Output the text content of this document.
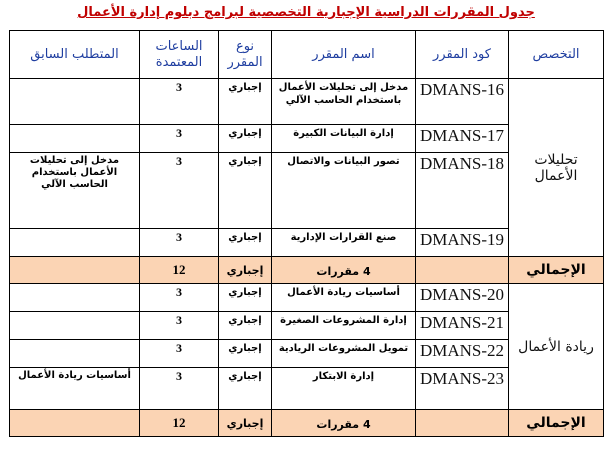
جدول المقررات الدراسية الإجبارية التخصصية لبرامج دبلوم إدارة الأعمال
التخصص	كود المقرر	اسم المقرر	نوع المقرر	الساعات المعتمدة	المتطلب السابق
تحليلات الأعمال	DMANS-16	مدخل إلى تحليلات الأعمال باستخدام الحاسب الآلي	إجباري	3	
	DMANS-17	إدارة البيانات الكبيرة	إجباري	3	
	DMANS-18	تصور البيانات والاتصال	إجباري	3	مدخل إلى تحليلات الأعمال باستخدام الحاسب الآلي
	DMANS-19	صنع القرارات الإدارية	إجباري	3	
الإجمالي		4 مقررات	إجباري	12	
ريادة الأعمال	DMANS-20	أساسيات ريادة الأعمال	إجباري	3	
	DMANS-21	إدارة المشروعات الصغيرة	إجباري	3	
	DMANS-22	تمويل المشروعات الريادية	إجباري	3	
	DMANS-23	إدارة الابتكار	إجباري	3	أساسيات ريادة الأعمال
الإجمالي		4 مقررات	إجباري	12	
